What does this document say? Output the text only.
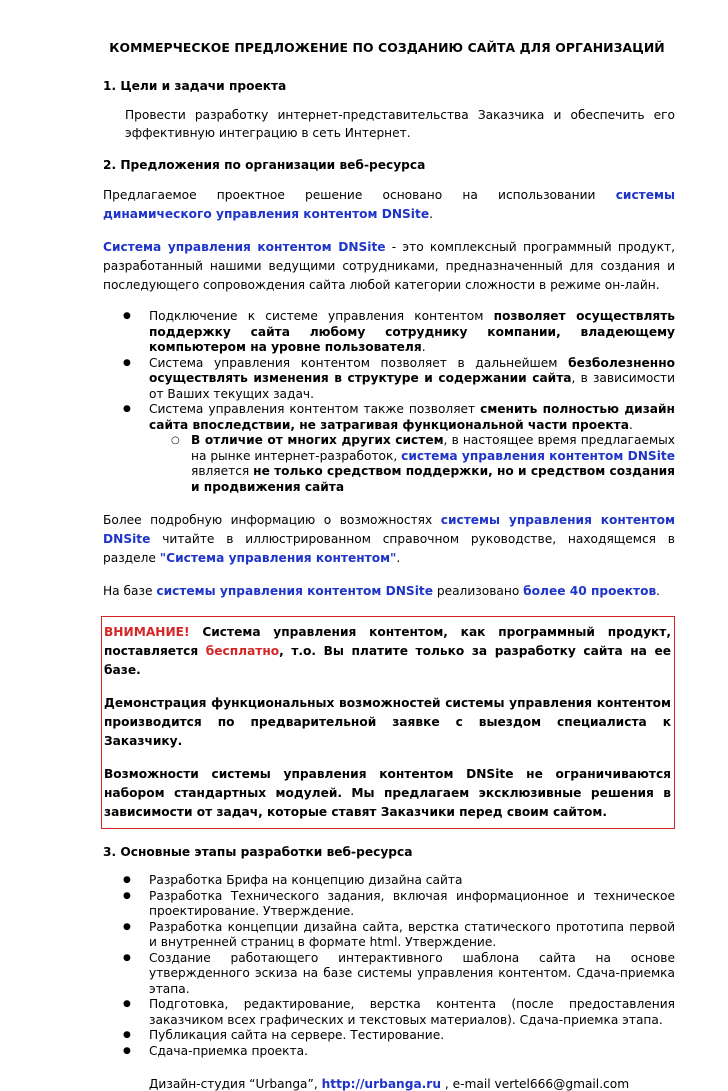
КОММЕРЧЕСКОЕ ПРЕДЛОЖЕНИЕ ПО СОЗДАНИЮ САЙТА ДЛЯ ОРГАНИЗАЦИЙ

1. Цели и задачи проекта

Провести разработку интернет-представительства Заказчика и обеспечить его эффективную интеграцию в сеть Интернет.

2. Предложения по организации веб-ресурса

Предлагаемое проектное решение основано на использовании системы динамического управления контентом DNSite.

Система управления контентом DNSite - это комплексный программный продукт, разработанный нашими ведущими сотрудниками, предназначенный для создания и последующего сопровождения сайта любой категории сложности в режиме он-лайн.

● Подключение к системе управления контентом позволяет осуществлять поддержку сайта любому сотруднику компании, владеющему компьютером на уровне пользователя.
● Система управления контентом позволяет в дальнейшем безболезненно осуществлять изменения в структуре и содержании сайта, в зависимости от Ваших текущих задач.
● Система управления контентом также позволяет сменить полностью дизайн сайта впоследствии, не затрагивая функциональной части проекта.
○ В отличие от многих других систем, в настоящее время предлагаемых на рынке интернет-разработок, система управления контентом DNSite является не только средством поддержки, но и средством создания и продвижения сайта

Более подробную информацию о возможностях системы управления контентом DNSite читайте в иллюстрированном справочном руководстве, находящемся в разделе "Система управления контентом".

На базе системы управления контентом DNSite реализовано более 40 проектов.

ВНИМАНИЕ! Система управления контентом, как программный продукт, поставляется бесплатно, т.о. Вы платите только за разработку сайта на ее базе.

Демонстрация функциональных возможностей системы управления контентом производится по предварительной заявке с выездом специалиста к Заказчику.

Возможности системы управления контентом DNSite не ограничиваются набором стандартных модулей. Мы предлагаем эксклюзивные решения в зависимости от задач, которые ставят Заказчики перед своим сайтом.

3. Основные этапы разработки веб-ресурса

● Разработка Брифа на концепцию дизайна сайта
● Разработка Технического задания, включая информационное и техническое проектирование. Утверждение.
● Разработка концепции дизайна сайта, верстка статического прототипа первой и внутренней страниц в формате html. Утверждение.
● Создание работающего интерактивного шаблона сайта на основе утвержденного эскиза на базе системы управления контентом. Сдача-приемка этапа.
● Подготовка, редактирование, верстка контента (после предоставления заказчиком всех графических и текстовых материалов). Сдача-приемка этапа.
● Публикация сайта на сервере. Тестирование.
● Сдача-приемка проекта.
Дизайн-студия “Urbanga”, http://urbanga.ru , e-mail vertel666@gmail.com
